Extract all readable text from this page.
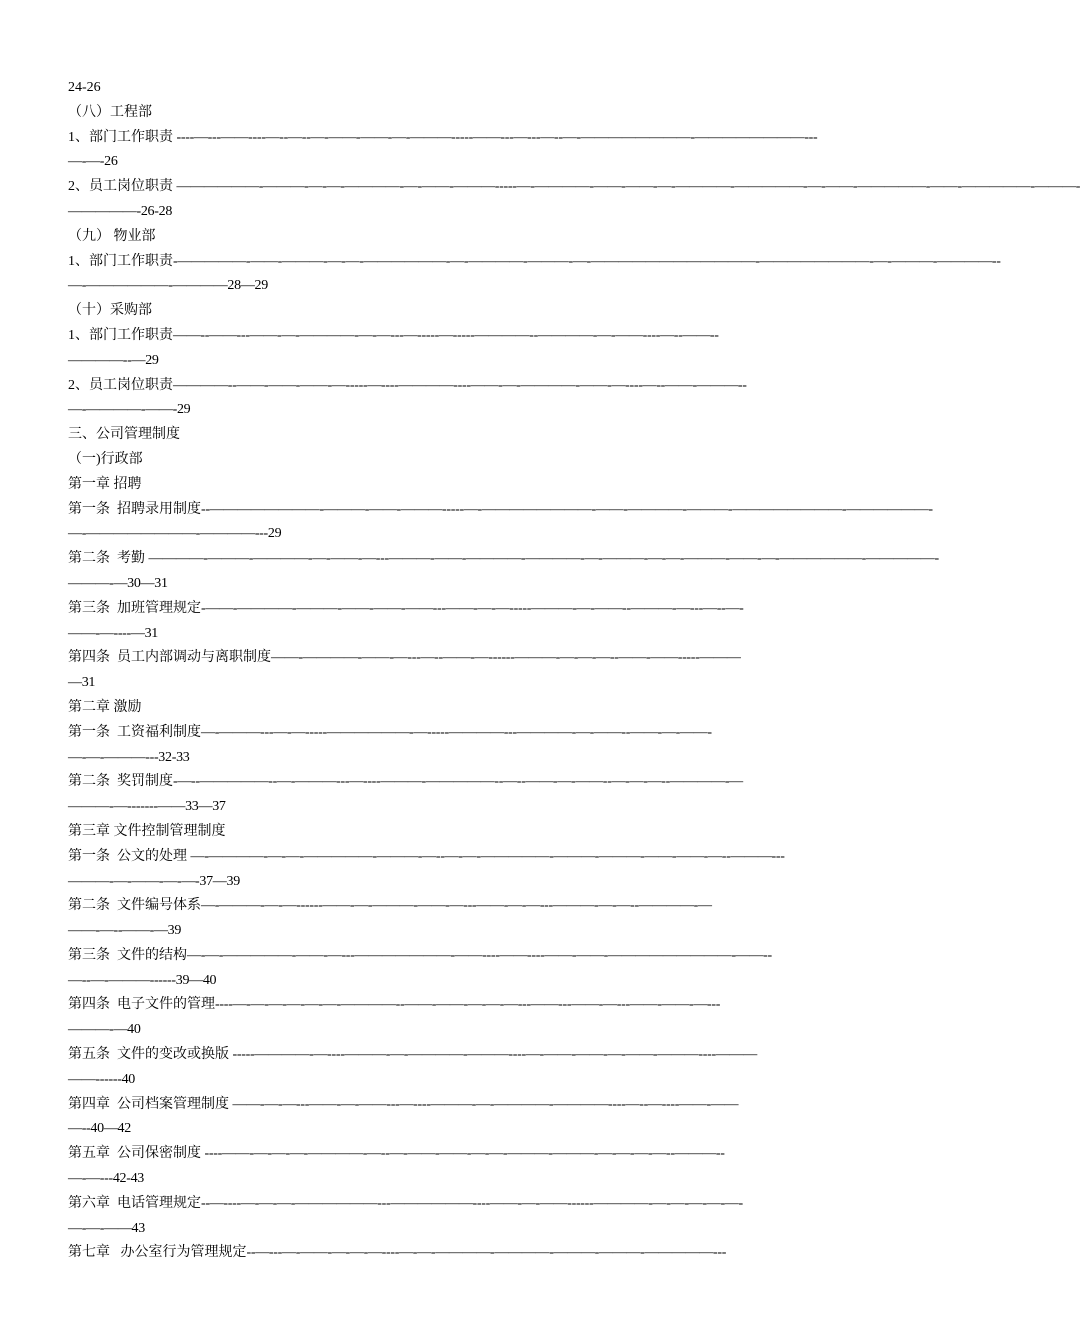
24-26
（八）工程部
1、部门工作职责 ----—---——----—--—--—-——-——-—-———-----——---—---—--—-————————-————————---
—-—-26
2、员工岗位职责 ——————-———-—-—-————-—-——-———-----—-————-——-——-—-————-—————-—-——-—————-——-—————-———-
—————-26-28
（九） 物业部
1、部门工作职责 -—————-——-———-—-—-——————-—-————-———-—-————————————-————————-—-———-————--
—-——————-————28—29
（十）采购部
1、部门工作职责 ——--——---——-—-————-—-—---—-----—-----————--————-—-——----—--——--
————--—29
2、员工岗位职责 ————--——-——-——-—-----—----————----——-—-————-——-—----—--——-———--
—-————-——-29
三、公司管理制度
（一)行政部
第一章 招聘
第一条  招聘录用制度 --————————-———-——-———-----—-————————-——-————-———-————————-——————-
—-————————-————---29
第二条  考勤 ————-———-————-—-——-—---———-——-————-————-—-———-—-—-———-——-—-——————-—————-
———-—30—31
第三条  加班管理规定 -——-————-———-——-——-——---——-—-—-----———-—-——--———-—---—--—-
——-—----—31
第四条  员工内部调动与离职制度 ——-————-——-—---—--——-—------———-—-—-—--——-——-----———
—31
第二章 激励
第一条  工资福利制度 —-———---—-—-----——————-—-----————---————-—-——--——-—-——-
—-—-———---32-33
第二条  奖罚制度 -—--—————--—-———---—----———-—————--—--——-—-——--—-—-—--————-—
———-—-------——33—37
第三章 文件控制管理制度
第一条  公文的处理 —-————-—-—-—————-———-—--—-—-—————-———-———-——-——-—--———---
———-—-——-—-—-37—39
第二条  文件编号体系 —-———-—-—------——-—-———-——-—---——-—-—---———-—-—--————-—
——-—--——-—39
第三条  文件的结构 —-—-—————-——-—---———————-——----——----——-——-—————————-——--
—--—-———------39—40
第四条  电子文件的管理 ----—-—-—-—-—-—-————--——-——-—-—-—---——---——-—---——-——-—---
———-—40
第五条  文件的变改或换版 -----————-—----———-—-————-———----—-——-——-—-——-———----———
——------40
第四章  公司档案管理制度 ——-—-—---——-—-——---—----———-—-————-————----—--—----——-——
—--40—42
第五章  公司保密制度 ----——-—-—-—-————-—--—-——-——-—-—-———-———-—-—-—-—--———--
—-—---42-43
第六章  电话管理规定 --—----—-—-—-——————---——————----——-—-——------————-—-—-—-—-—-
—-—-——43
第七章   办公室行为管理规定 --—---—-——-—-—-—----—-—-————-————-———-———-—————---
